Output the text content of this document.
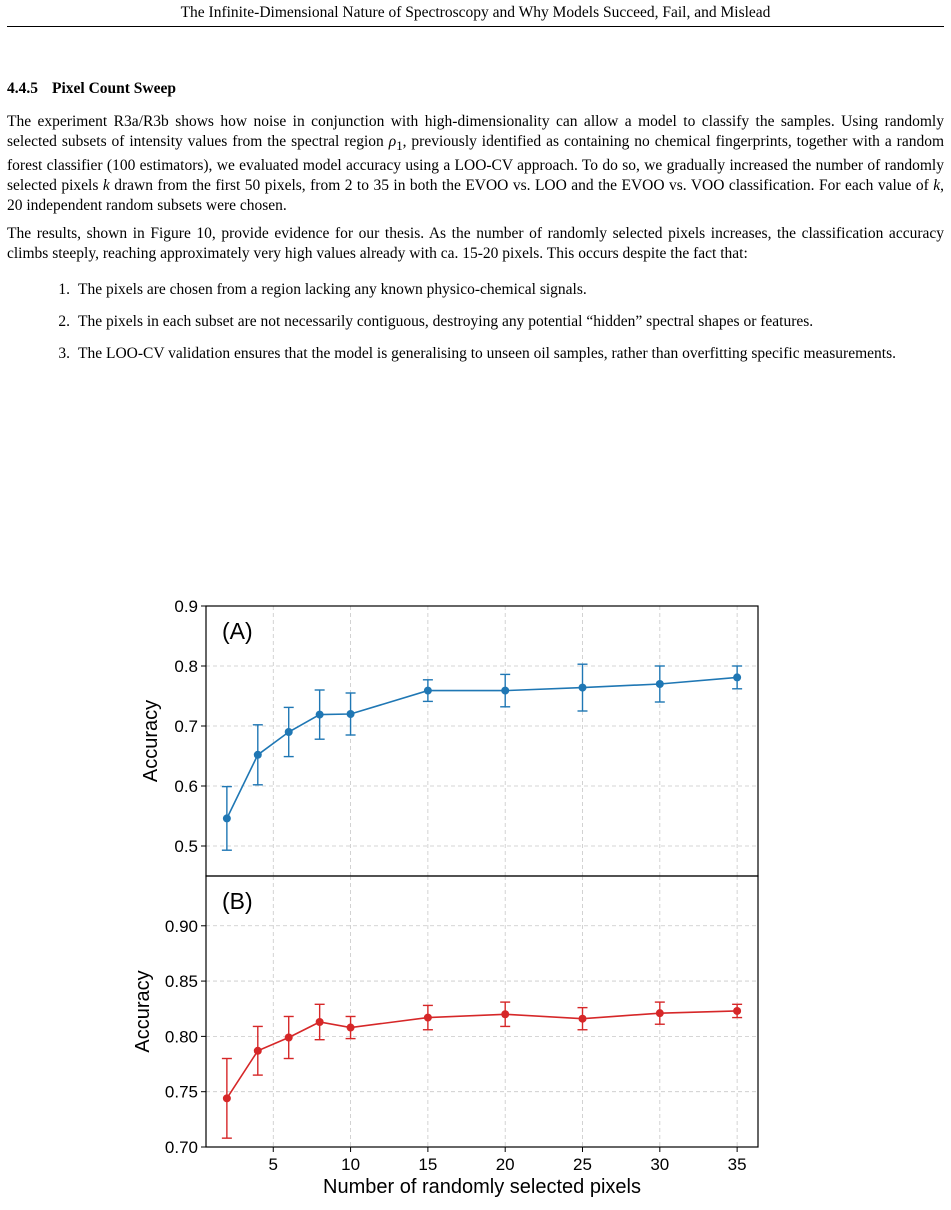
The Infinite-Dimensional Nature of Spectroscopy and Why Models Succeed, Fail, and Mislead
4.4.5 Pixel Count Sweep

The experiment R3a/R3b shows how noise in conjunction with high-dimensionality can allow a model to classify the samples. Using randomly selected subsets of intensity values from the spectral region $\rho_1$, previously identified as containing no chemical fingerprints, together with a random forest classifier (100 estimators), we evaluated model accuracy using a LOO-CV approach. To do so, we gradually increased the number of randomly selected pixels k drawn from the first 50 pixels, from 2 to 35 in both the EVOO vs. LOO and the EVOO vs. VOO classification. For each value of k, 20 independent random subsets were chosen.

The results, shown in Figure 10, provide evidence for our thesis. As the number of randomly selected pixels increases, the classification accuracy climbs steeply, reaching approximately very high values already with ca. 15-20 pixels. This occurs despite the fact that:

1. The pixels are chosen from a region lacking any known physico-chemical signals.
2. The pixels in each subset are not necessarily contiguous, destroying any potential “hidden” spectral shapes or features.
3. The LOO-CV validation ensures that the model is generalising to unseen oil samples, rather than overfitting specific measurements.
0.5
0.6
0.7
0.8
0.9
(A)
Accuracy
0.70
0.75
0.80
0.85
0.90
(B)
Accuracy
5	10	15	20	25	30	35
Number of randomly selected pixels
